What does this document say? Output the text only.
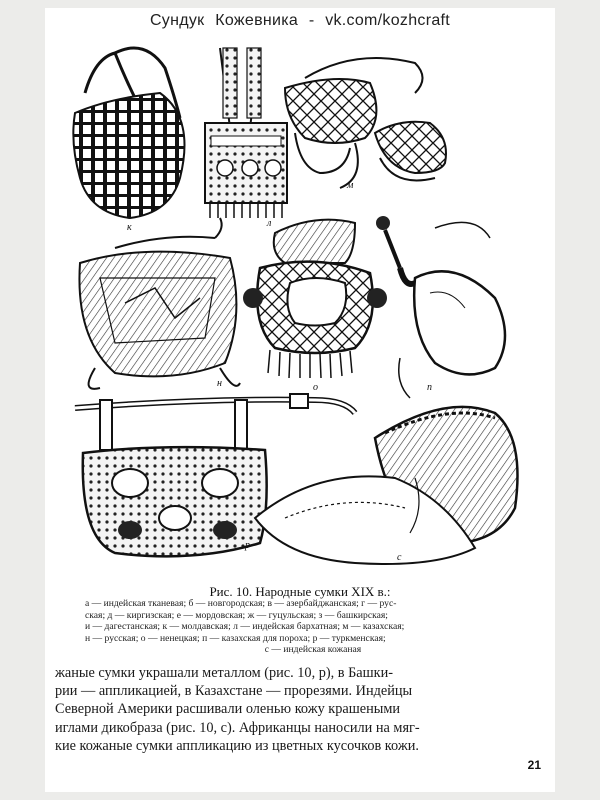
Сундук Кожевника - vk.com/kozhcraft
к	л
м
н	о	п
р
с
Рис. 10. Народные сумки XIX в.:
а — индейская тканевая; б — новгородская; в — азербайджанская; г — рус-
ская; д — киргизская; е — мордовская; ж — гуцульская; з — башкирская;
и — дагестанская; к — молдавская; л — индейская бархатная; м — казахская;
н — русская; о — ненецкая; п — казахская для пороха; р — туркменская;
с — индейская кожаная
жаные сумки украшали металлом (рис. 10, р), в Башки-
рии — аппликацией, в Казахстане — прорезями. Индейцы
Северной Америки расшивали оленью кожу крашеными
иглами дикобраза (рис. 10, с). Африканцы наносили на мяг-
кие кожаные сумки аппликацию из цветных кусочков кожи.
21
